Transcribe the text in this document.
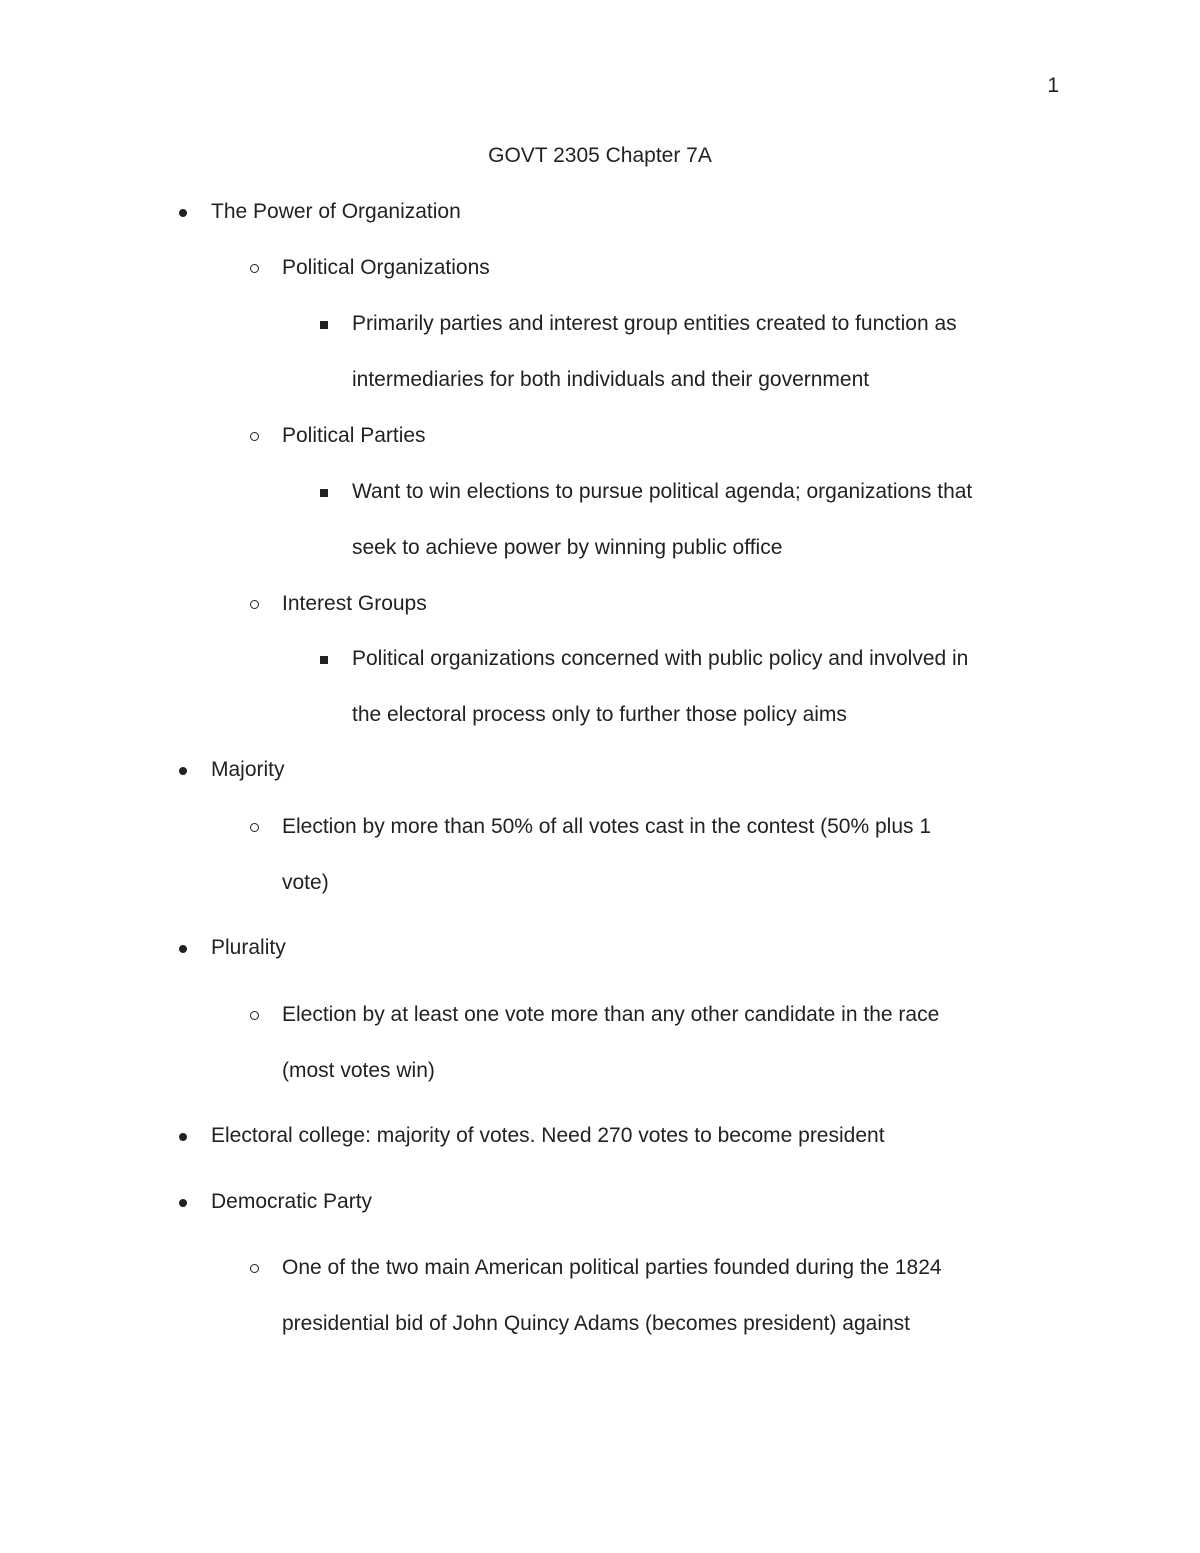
1
GOVT 2305 Chapter 7A
The Power of Organization
Political Organizations
Primarily parties and interest group entities created to function as
intermediaries for both individuals and their government
Political Parties
Want to win elections to pursue political agenda; organizations that
seek to achieve power by winning public office
Interest Groups
Political organizations concerned with public policy and involved in
the electoral process only to further those policy aims
Majority
Election by more than 50% of all votes cast in the contest (50% plus 1
vote)
Plurality
Election by at least one vote more than any other candidate in the race
(most votes win)
Electoral college: majority of votes. Need 270 votes to become president
Democratic Party
One of the two main American political parties founded during the 1824
presidential bid of John Quincy Adams (becomes president) against
